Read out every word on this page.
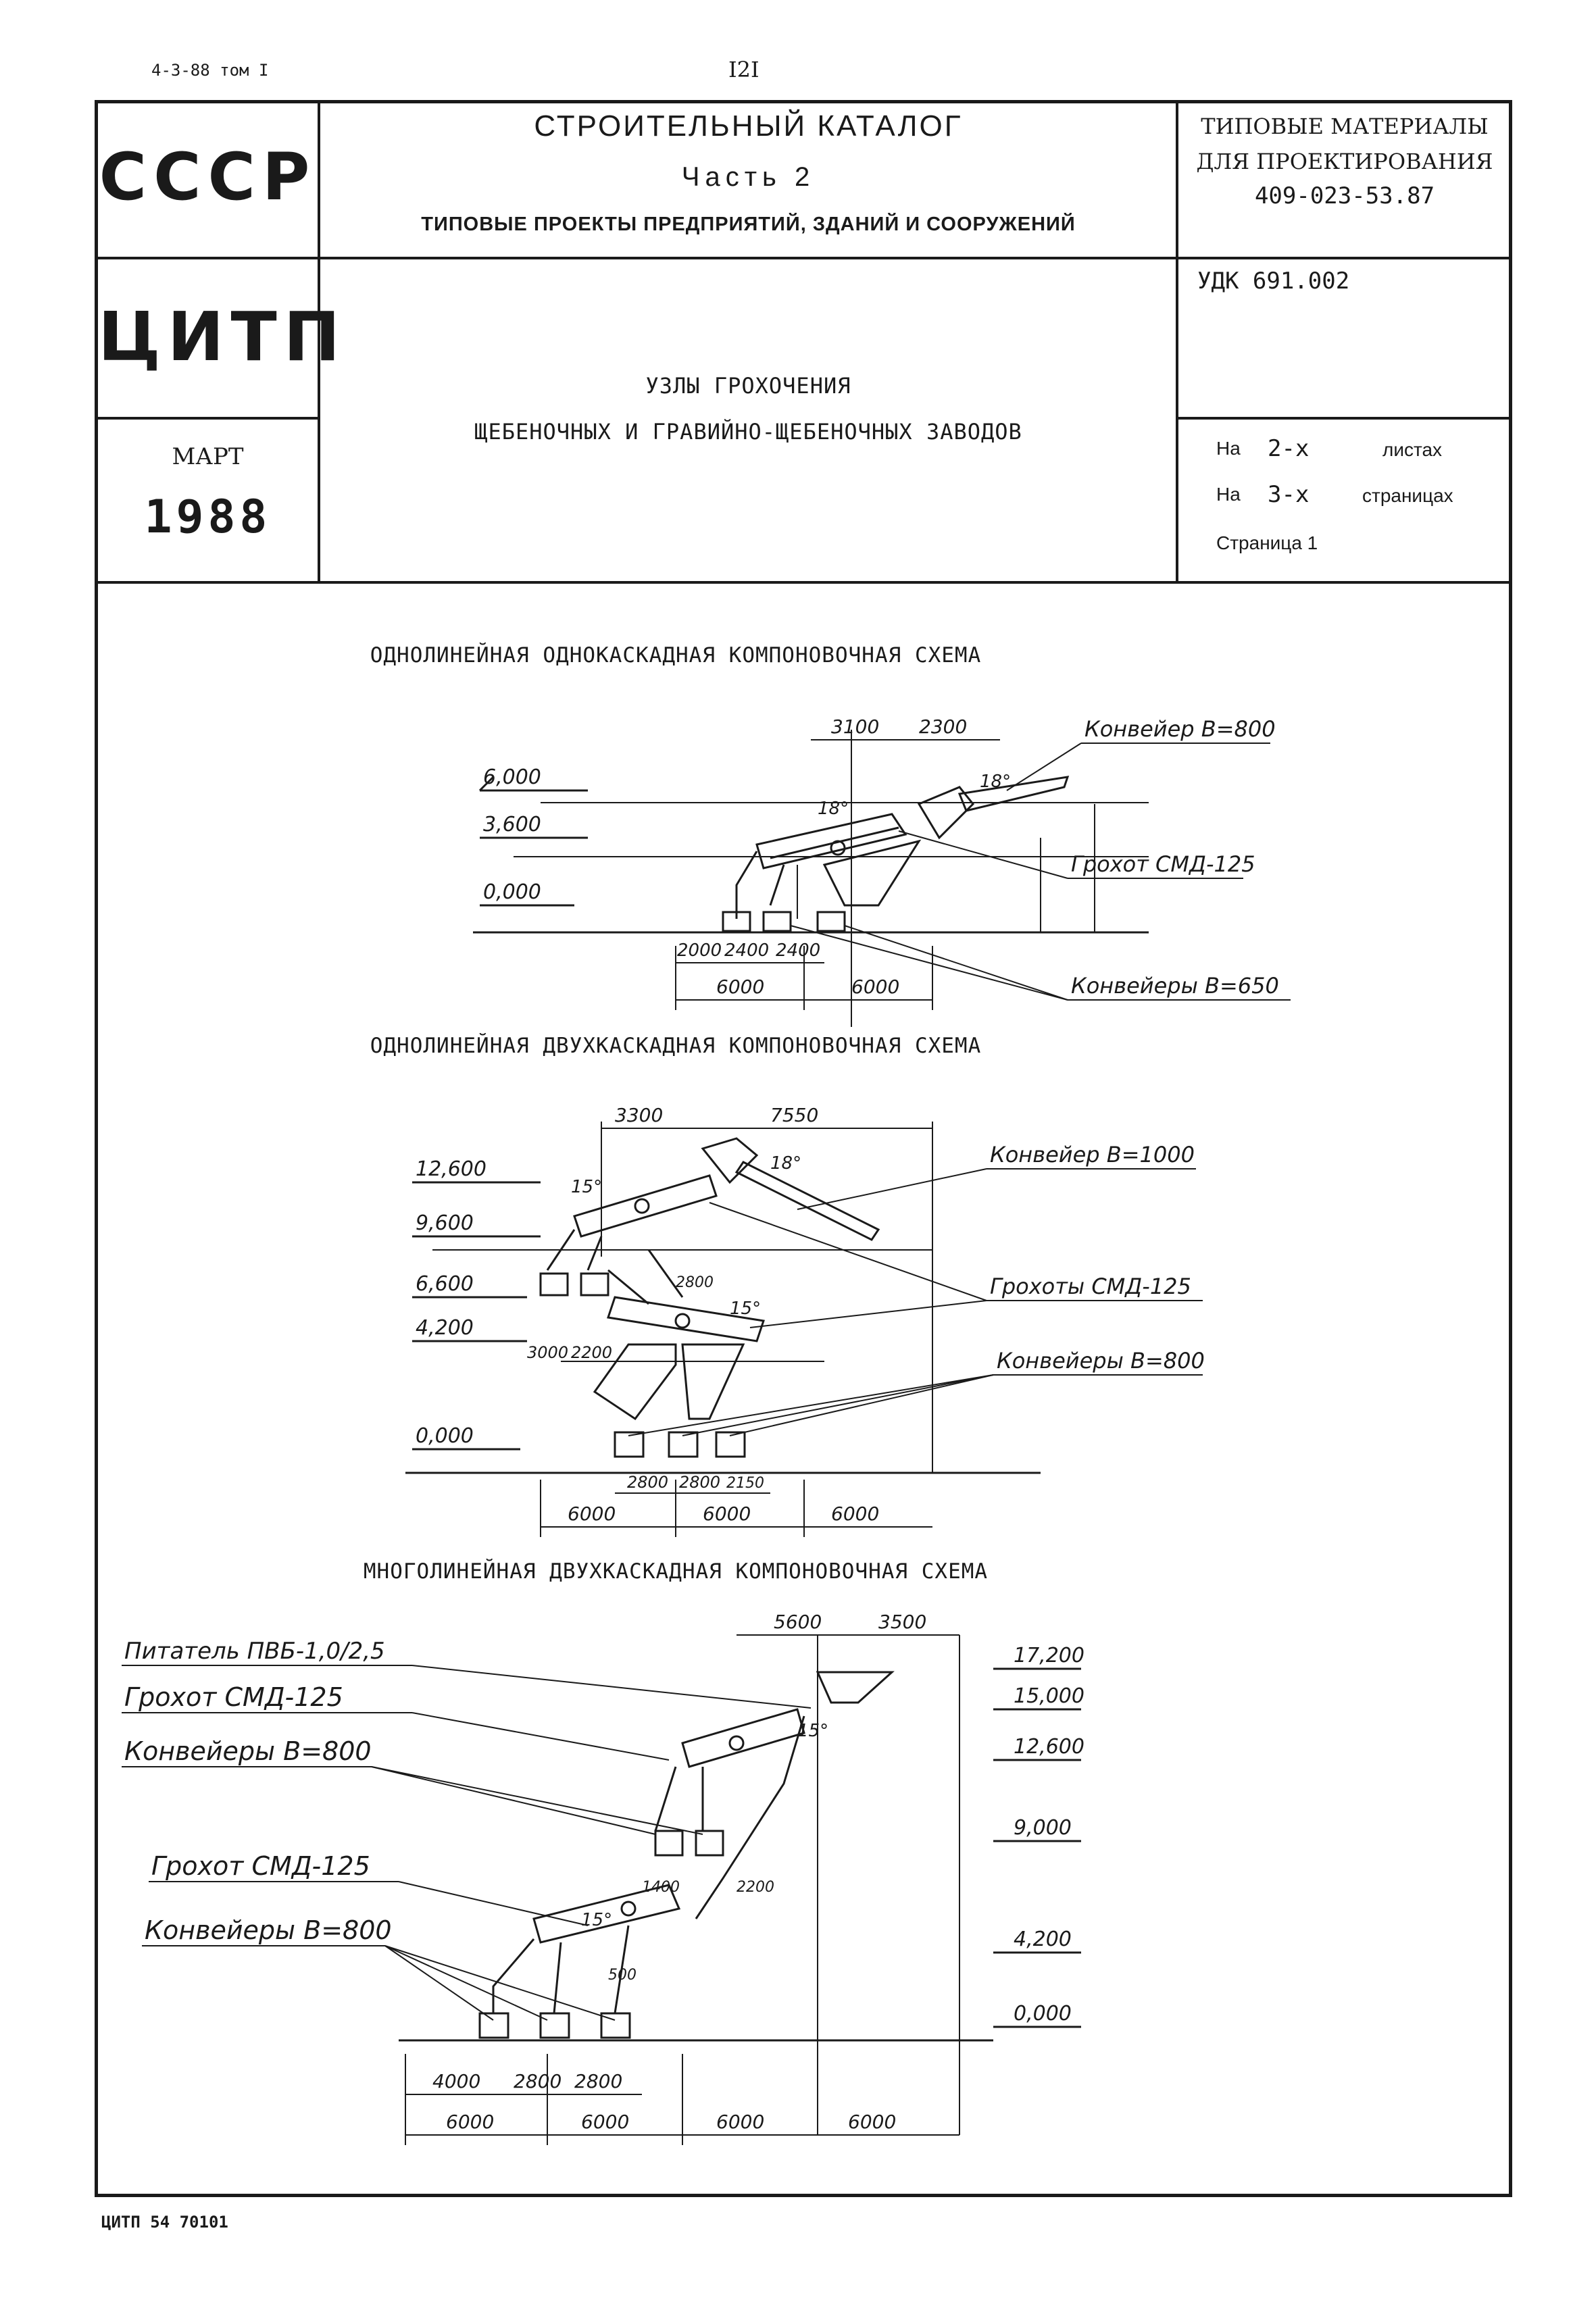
4-3-88 том I	I2I
СССР
ЦИТП
МАРТ
1988
СТРОИТЕЛЬНЫЙ КАТАЛОГ
Часть 2
ТИПОВЫЕ ПРОЕКТЫ ПРЕДПРИЯТИЙ, ЗДАНИЙ И СООРУЖЕНИЙ
ТИПОВЫЕ МАТЕРИАЛЫ
ДЛЯ ПРОЕКТИРОВАНИЯ
409-023-53.87
УДК 691.002
УЗЛЫ ГРОХОЧЕНИЯ
ЩЕБЕНОЧНЫХ И ГРАВИЙНО-ЩЕБЕНОЧНЫХ ЗАВОДОВ
На 2-х	листах
На 3-х	страницах
Страница 1
ОДНОЛИНЕЙНАЯ ОДНОКАСКАДНАЯ КОМПОНОВОЧНАЯ СХЕМА
ОДНОЛИНЕЙНАЯ ДВУХКАСКАДНАЯ КОМПОНОВОЧНАЯ СХЕМА
МНОГОЛИНЕЙНАЯ ДВУХКАСКАДНАЯ КОМПОНОВОЧНАЯ СХЕМА
6,000
3,600
0,000
3100 2300
18°
18°
2000 2400 2400
6000	6000
Конвейер В=800
Грохот СМД-125
Конвейеры В=650
12,600
9,600
6,600
4,200
0,000
3300	7550
15°
18°
15°
3000 2200
2800
2800 2800 2150
6000	6000	6000
Конвейер В=1000
Грохоты СМД-125
Конвейеры В=800
Питатель ПВБ-1,0/2,5
Грохот СМД-125
Конвейеры В=800
Грохот СМД-125
Конвейеры В=800
17,200
15,000
12,600
9,000
4,200
0,000
5600	3500
15°
15°
1400	2200
500
4000 2800 2800
6000	6000	6000	6000
ЦИТП 54 70101
